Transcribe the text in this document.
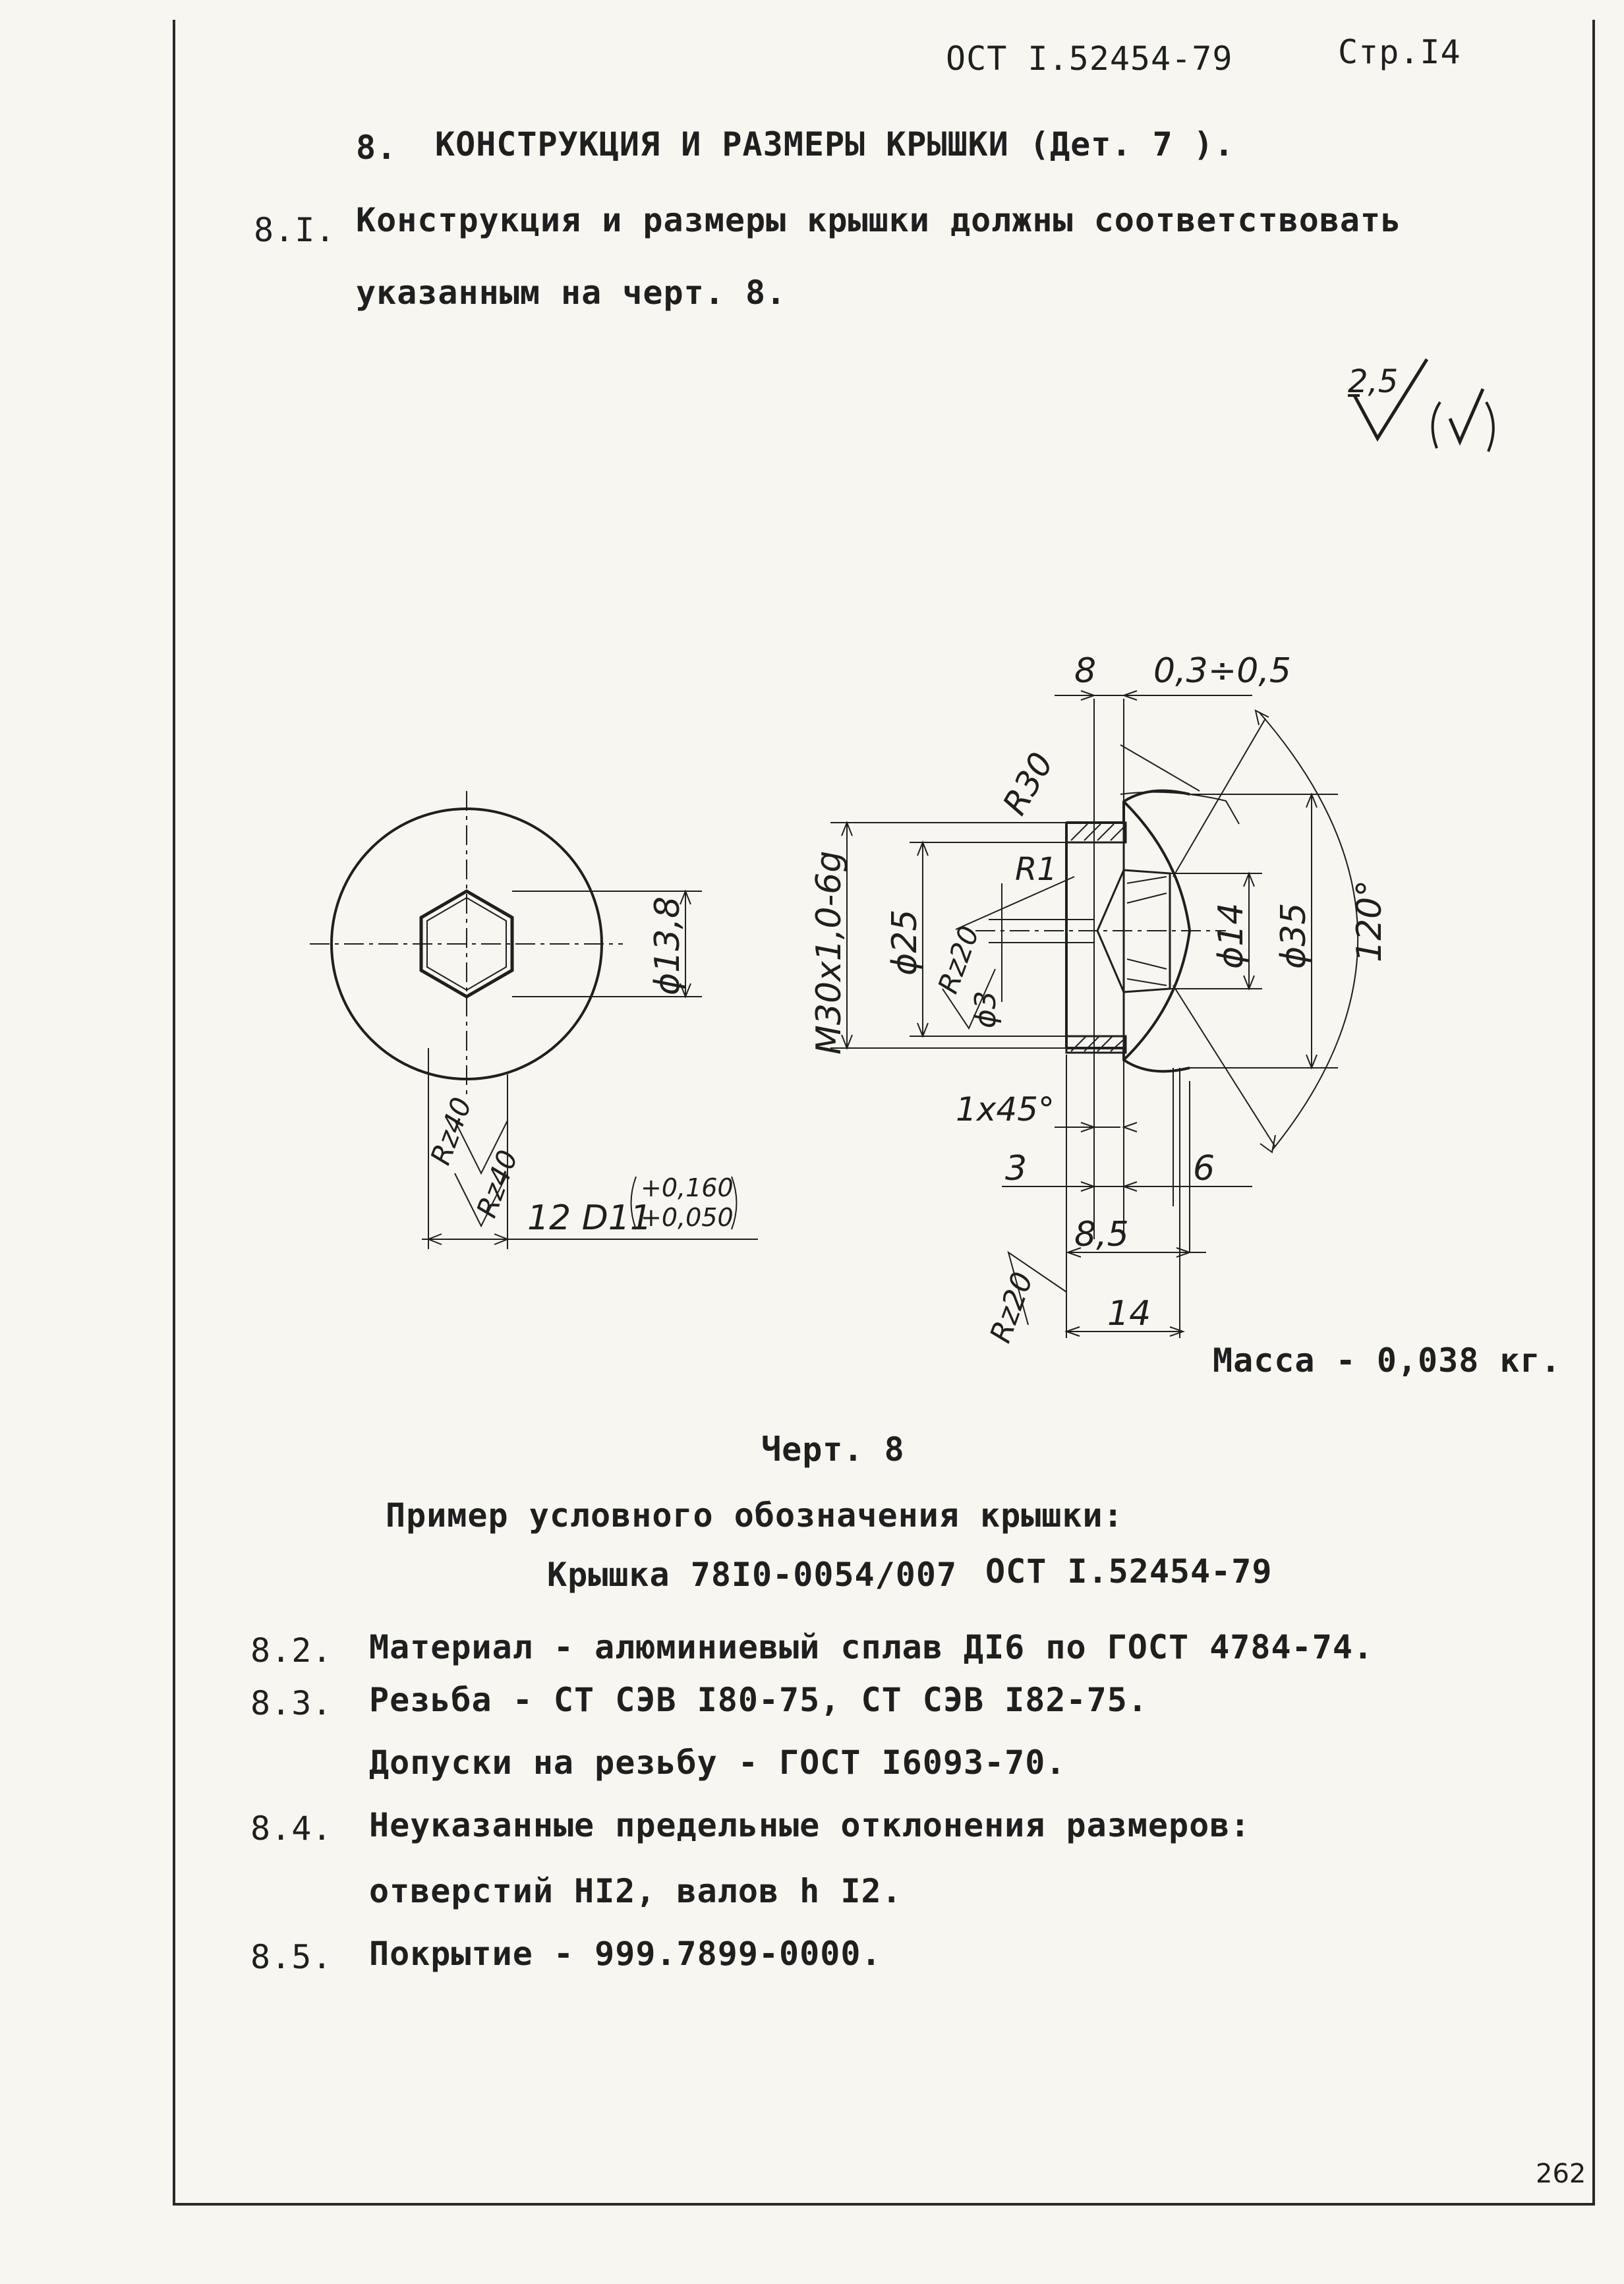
ОСТ І.52454-79	Стр.І4
8. КОНСТРУКЦИЯ И РАЗМЕРЫ КРЫШКИ (Дет. 7 ).
8.І. Конструкция и размеры крышки должны соответствовать
указанным на черт. 8.
2,5
ϕ13,8
Rz40
Rz40 12 D11
+0,160
+0,050
8 0,3÷0,5
R30
R1
M30x1,0-6g ϕ25 Rz20
ϕ3
ϕ14 ϕ35 120°
1x45°
3	6
8,5
14
Rz20
Масса - 0,038 кг.
Черт. 8
Пример условного обозначения крышки:
Крышка 78І0-0054/007 ОСТ І.52454-79
8.2. Материал - алюминиевый сплав ДІ6 по ГОСТ 4784-74.
8.3. Резьба - СТ СЭВ І80-75, СТ СЭВ І82-75.
Допуски на резьбу - ГОСТ І6093-70.
8.4. Неуказанные предельные отклонения размеров:
отверстий НІ2, валов h І2.
8.5. Покрытие - 999.7899-0000.
262
